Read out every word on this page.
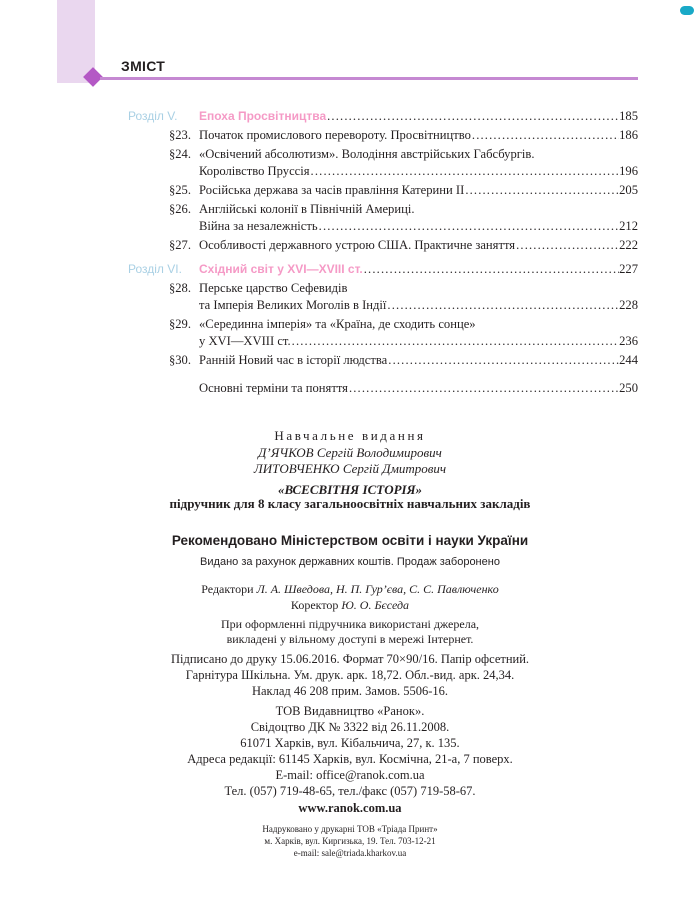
ЗМІСТ
Розділ V.	Епоха Просвітництва . . .	185
§23. Початок промислового перевороту. Просвітництво . . .	186
§24. «Освічений абсолютизм». Володіння австрійських Габсбургів.
Королівство Пруссія . . .	196
§25. Російська держава за часів правління Катерини ІІ . . .	205
§26. Англійські колонії в Північній Америці.
Війна за незалежність . . .	212
§27. Особливості державного устрою США. Практичне заняття . . .	222
Розділ VI.	Східний світ у XVI—XVIII ст. . . .	227
§28. Перське царство Сефевидів
та Імперія Великих Моголів в Індії . . .	228
§29. «Серединна імперія» та «Країна, де сходить сонце»
у XVI—XVIII ст. . . .	236
§30. Ранній Новий час в історії людства . . .	244
Основні терміни та поняття . . .	250
Навчальне видання
Д’ЯЧКОВ Сергій Володимирович
ЛИТОВЧЕНКО Сергій Дмитрович
«ВСЕСВІТНЯ ІСТОРІЯ»
підручник для 8 класу загальноосвітніх навчальних закладів
Рекомендовано Міністерством освіти і науки України
Видано за рахунок державних коштів. Продаж заборонено
Редактори Л. А. Шведова, Н. П. Гур’єва, С. С. Павлюченко
Коректор Ю. О. Бєседа
При оформленні підручника використані джерела,
викладені у вільному доступі в мережі Інтернет.
Підписано до друку 15.06.2016. Формат 70×90/16. Папір офсетний.
Гарнітура Шкільна. Ум. друк. арк. 18,72. Обл.-вид. арк. 24,34.
Наклад 46 208 прим. Замов. 5506-16.
ТОВ Видавництво «Ранок».
Свідоцтво ДК № 3322 від 26.11.2008.
61071 Харків, вул. Кібальчича, 27, к. 135.
Адреса редакції: 61145 Харків, вул. Космічна, 21-а, 7 поверх.
E-mail: office@ranok.com.ua
Тел. (057) 719-48-65, тел./факс (057) 719-58-67.
www.ranok.com.ua
Надруковано у друкарні ТОВ «Тріада Принт»
м. Харків, вул. Киргизька, 19. Тел. 703-12-21
e-mail: sale@triada.kharkov.ua
